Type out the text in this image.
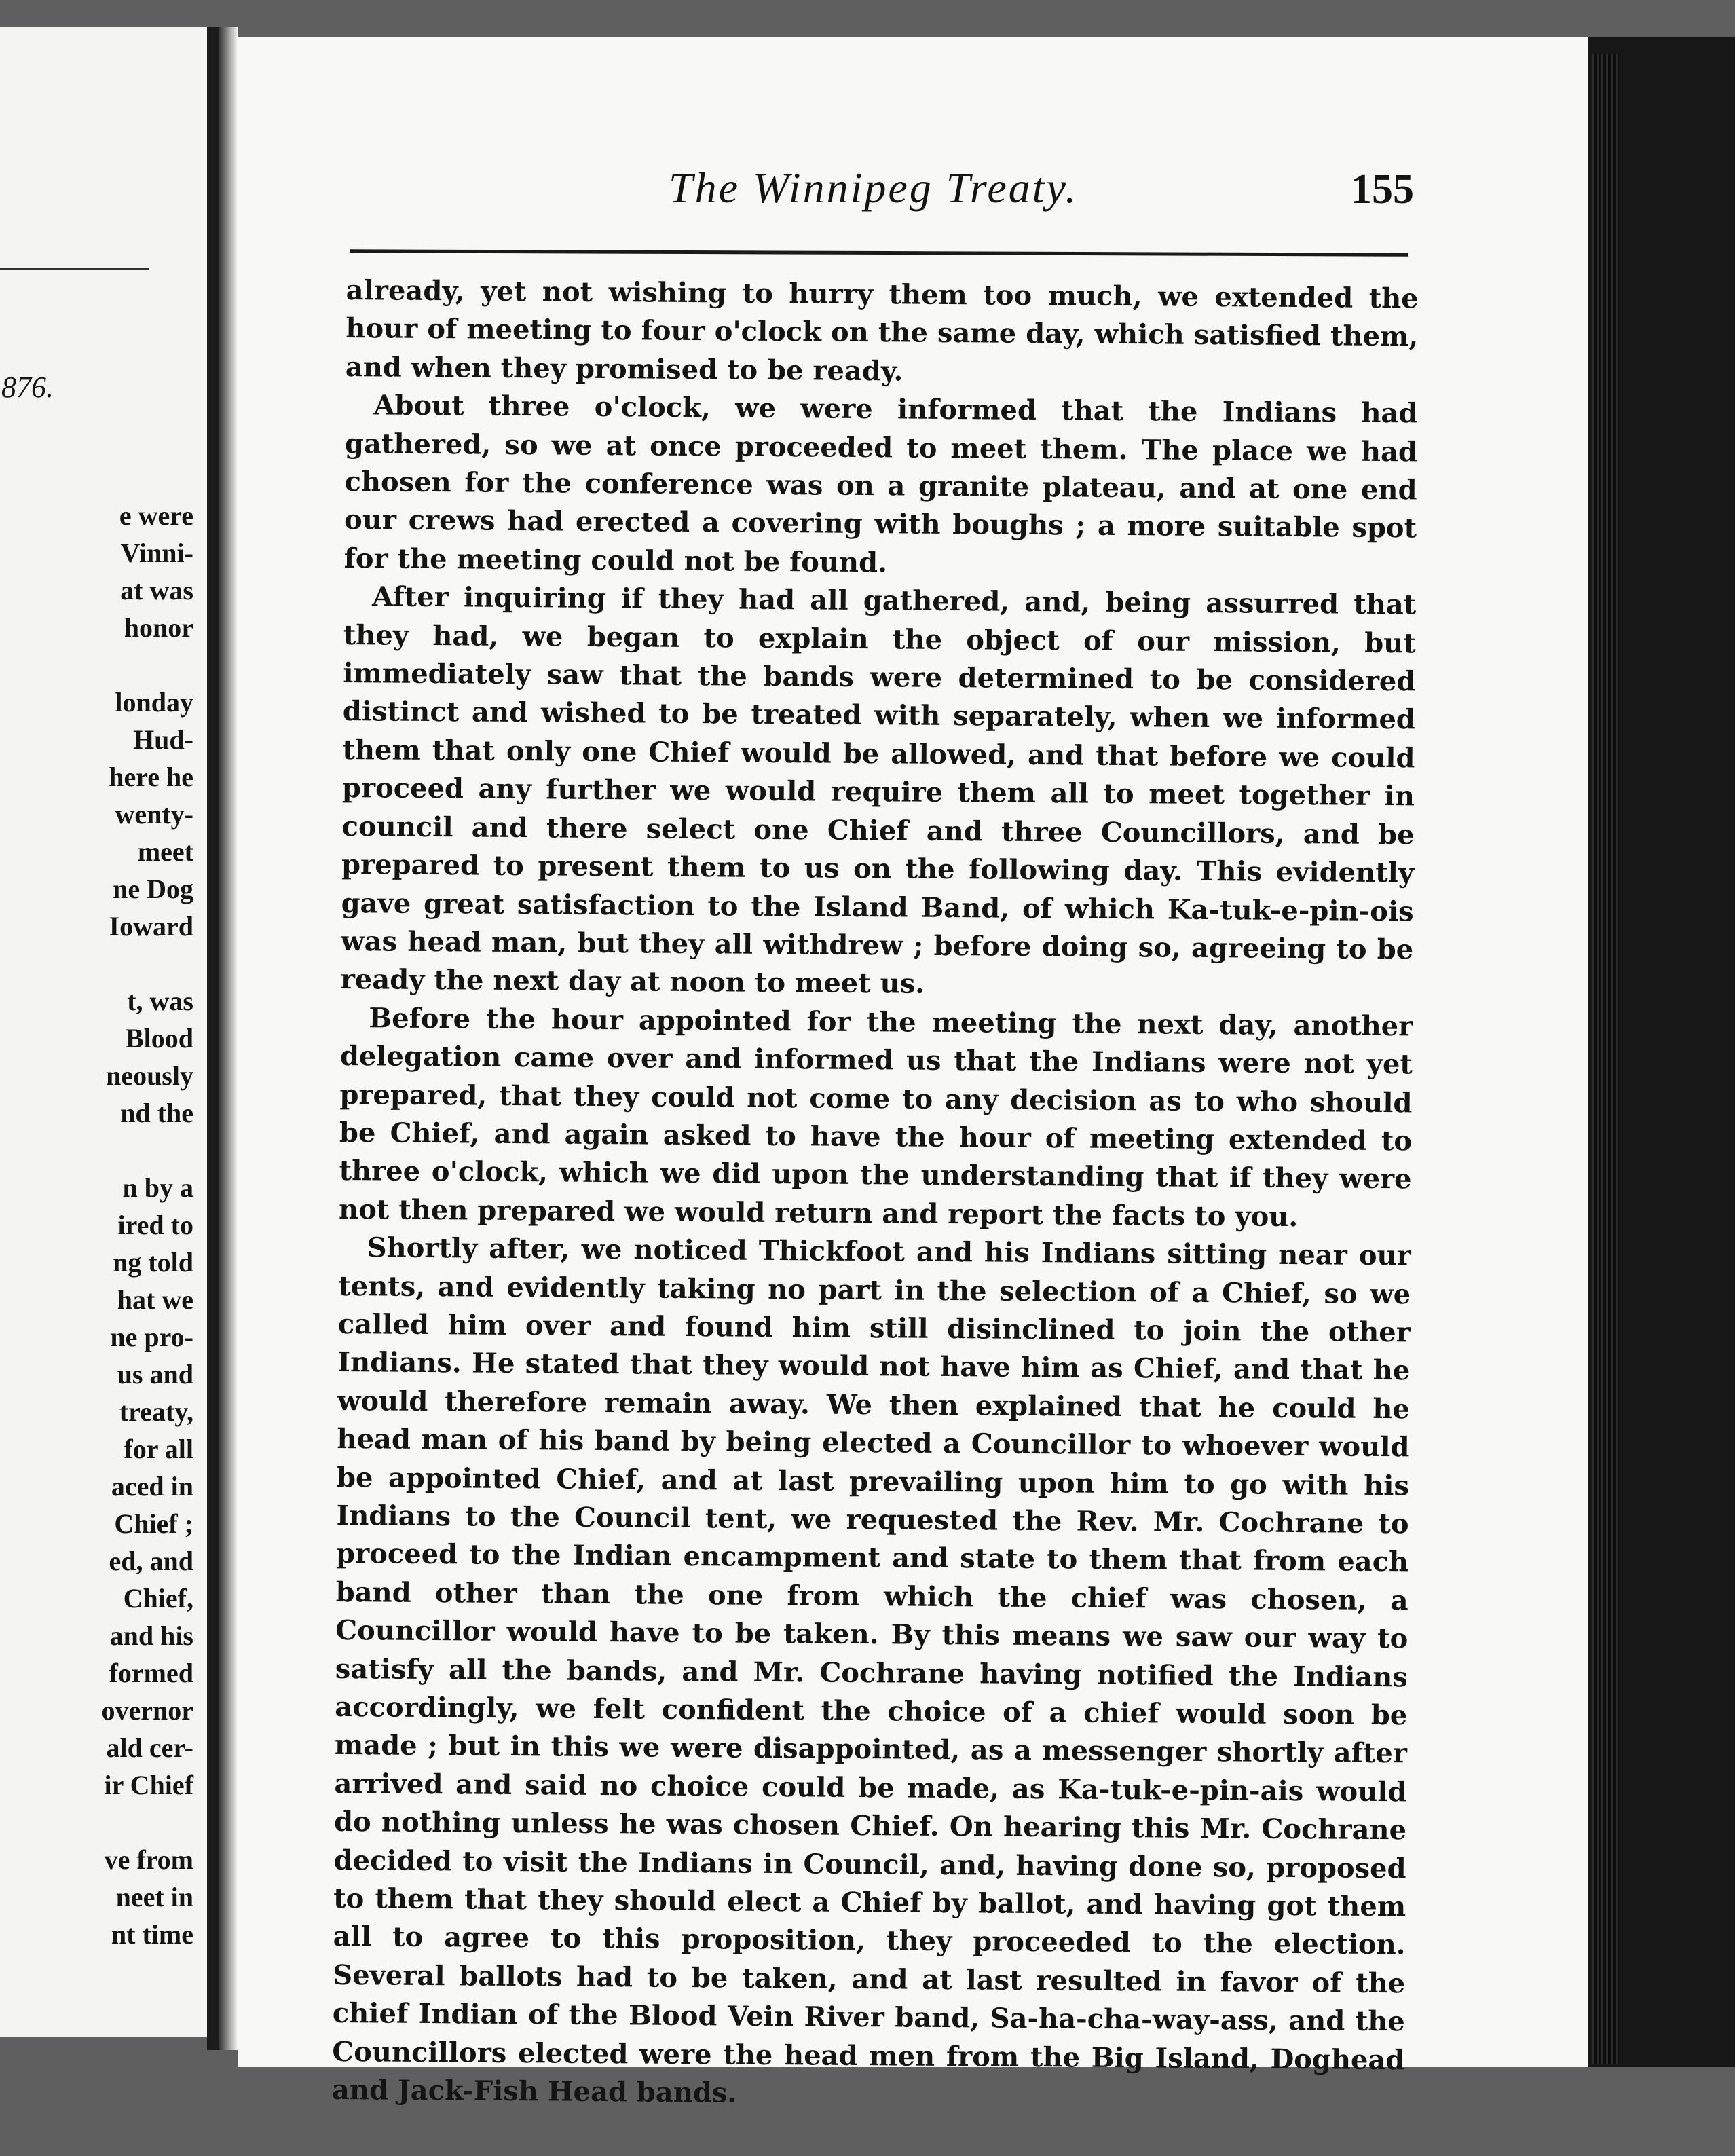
876.
e were
Vinni-
at was
honor
londay
Hud-
here he
wenty-
meet
ne Dog
Ioward
t, was
Blood
neously
nd the
n by a
ired to
ng told
hat we
ne pro-
us and
treaty,
for all
aced in
Chief ;
ed, and
Chief,
and his
formed
overnor
ald cer-
ir Chief
ve from
neet in
nt time
The Winnipeg Treaty.	155

already, yet not wishing to hurry them too much, we extended the hour of meeting to four o'clock on the same day, which satisfied them, and when they promised to be ready.

About three o'clock, we were informed that the Indians had gathered, so we at once proceeded to meet them. The place we had chosen for the conference was on a granite plateau, and at one end our crews had erected a covering with boughs ; a more suitable spot for the meeting could not be found.

After inquiring if they had all gathered, and, being assurred that they had, we began to explain the object of our mission, but immediately saw that the bands were determined to be considered distinct and wished to be treated with separately, when we informed them that only one Chief would be allowed, and that before we could proceed any further we would require them all to meet together in council and there select one Chief and three Councillors, and be prepared to present them to us on the following day. This evidently gave great satisfaction to the Island Band, of which Ka-tuk-e-pin-ois was head man, but they all withdrew ; before doing so, agreeing to be ready the next day at noon to meet us.

Before the hour appointed for the meeting the next day, another delegation came over and informed us that the Indians were not yet prepared, that they could not come to any decision as to who should be Chief, and again asked to have the hour of meeting extended to three o'clock, which we did upon the understanding that if they were not then prepared we would return and report the facts to you.

Shortly after, we noticed Thickfoot and his Indians sitting near our tents, and evidently taking no part in the selection of a Chief, so we called him over and found him still disinclined to join the other Indians. He stated that they would not have him as Chief, and that he would therefore remain away. We then explained that he could he head man of his band by being elected a Councillor to whoever would be appointed Chief, and at last prevailing upon him to go with his Indians to the Council tent, we requested the Rev. Mr. Cochrane to proceed to the Indian encampment and state to them that from each band other than the one from which the chief was chosen, a Councillor would have to be taken. By this means we saw our way to satisfy all the bands, and Mr. Cochrane having notified the Indians accordingly, we felt confident the choice of a chief would soon be made ; but in this we were disappointed, as a messenger shortly after arrived and said no choice could be made, as Ka-tuk-e-pin-ais would do nothing unless he was chosen Chief. On hearing this Mr. Cochrane decided to visit the Indians in Council, and, having done so, proposed to them that they should elect a Chief by ballot, and having got them all to agree to this proposition, they proceeded to the election. Several ballots had to be taken, and at last resulted in favor of the chief Indian of the Blood Vein River band, Sa-ha-cha-way-ass, and the Councillors elected were the head men from the Big Island, Doghead and Jack-Fish Head bands.
